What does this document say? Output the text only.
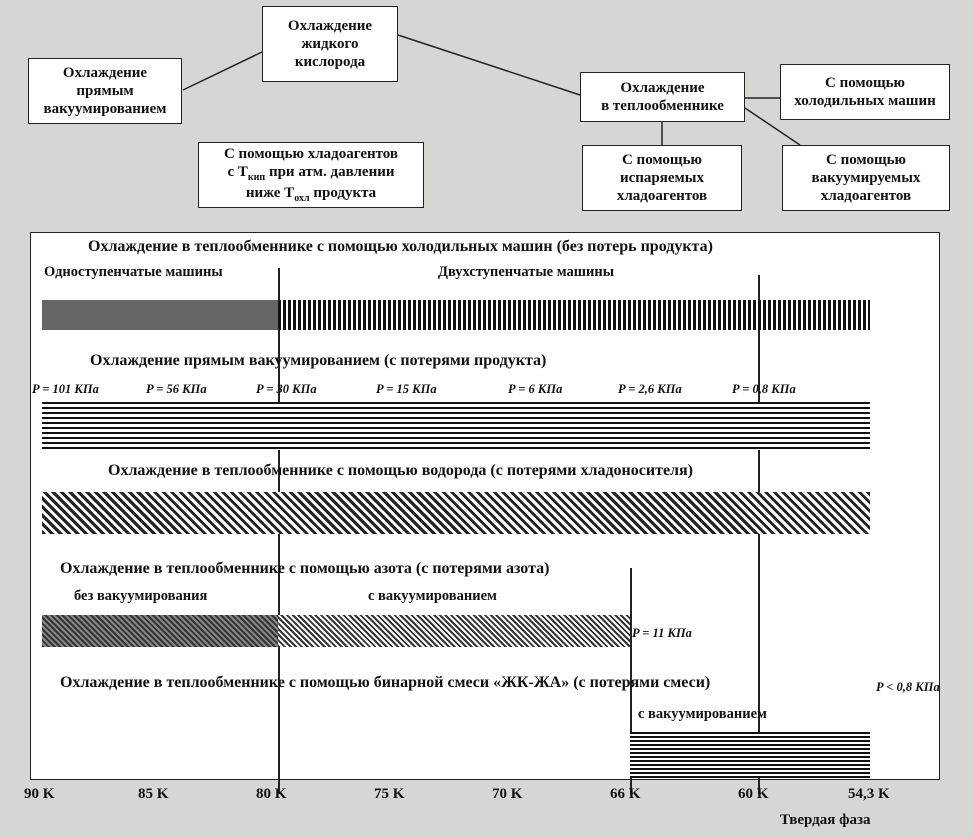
Охлаждение
прямым
вакуумированием
Охлаждение
жидкого
кислорода
Охлаждение
в теплообменнике
С помощью
холодильных машин
С помощью хладоагентов
с $T_{кип}$ при атм. давлении
ниже $T_{охл}$ продукта
С помощью
испаряемых
хладоагентов
С помощью
вакуумируемых
хладоагентов
Охлаждение в теплообменнике с помощью холодильных машин (без потерь продукта)
Одноступенчатые машины	Двухступенчатые машины
Охлаждение прямым вакуумированием (с потерями продукта)
P = 101 КПа	P = 56 КПа	P = 30 КПа	P = 15 КПа	P = 6 КПа	P = 2,6 КПа	P = 0,8 КПа
Охлаждение в теплообменнике с помощью водорода (с потерями хладоносителя)
Охлаждение в теплообменнике с помощью азота (с потерями азота)
без вакуумирования	с вакуумированием
P = 11 КПа
Охлаждение в теплообменнике с помощью бинарной смеси «ЖК-ЖА» (с потерями смеси)	P < 0,8 КПа
с вакуумированием
90 K	85 K	80 K	75 K	70 K	66 K	60 K	54,3 K
Твердая фаза
